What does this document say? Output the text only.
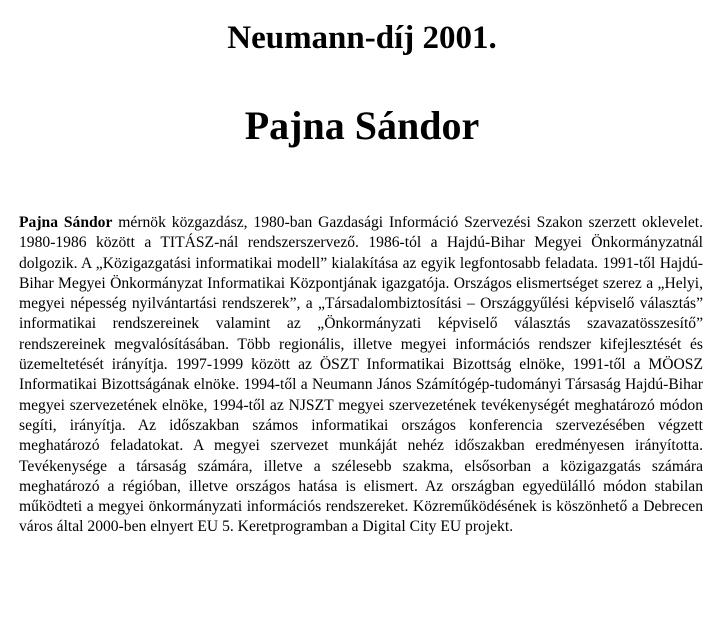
Neumann-díj 2001.
Pajna Sándor

Pajna Sándor mérnök közgazdász, 1980-ban Gazdasági Információ Szervezési Szakon szerzett oklevelet. 1980-1986 között a TITÁSZ-nál rendszerszervező. 1986-tól a Hajdú-Bihar Megyei Önkormányzatnál dolgozik. A „Közigazgatási informatikai modell” kialakítása az egyik legfontosabb feladata. 1991-től Hajdú-Bihar Megyei Önkormányzat Informatikai Központjának igazgatója. Országos elismertséget szerez a „Helyi, megyei népesség nyilvántartási rendszerek”, a „Társadalombiztosítási – Országgyűlési képviselő választás” informatikai rendszereinek valamint az „Önkormányzati képviselő választás szavazatösszesítő” rendszereinek megvalósításában. Több regionális, illetve megyei információs rendszer kifejlesztését és üzemeltetését irányítja. 1997-1999 között az ÖSZT Informatikai Bizottság elnöke, 1991-től a MÖOSZ Informatikai Bizottságának elnöke. 1994-től a Neumann János Számítógép-tudományi Társaság Hajdú-Bihar megyei szervezetének elnöke, 1994-től az NJSZT megyei szervezetének tevékenységét meghatározó módon segíti, irányítja. Az időszakban számos informatikai országos konferencia szervezésében végzett meghatározó feladatokat. A megyei szervezet munkáját nehéz időszakban eredményesen irányította. Tevékenysége a társaság számára, illetve a szélesebb szakma, elsősorban a közigazgatás számára meghatározó a régióban, illetve országos hatása is elismert. Az országban egyedülálló módon stabilan működteti a megyei önkormányzati információs rendszereket. Közreműködésének is köszönhető a Debrecen város által 2000-ben elnyert EU 5. Keretprogramban a Digital City EU projekt.
